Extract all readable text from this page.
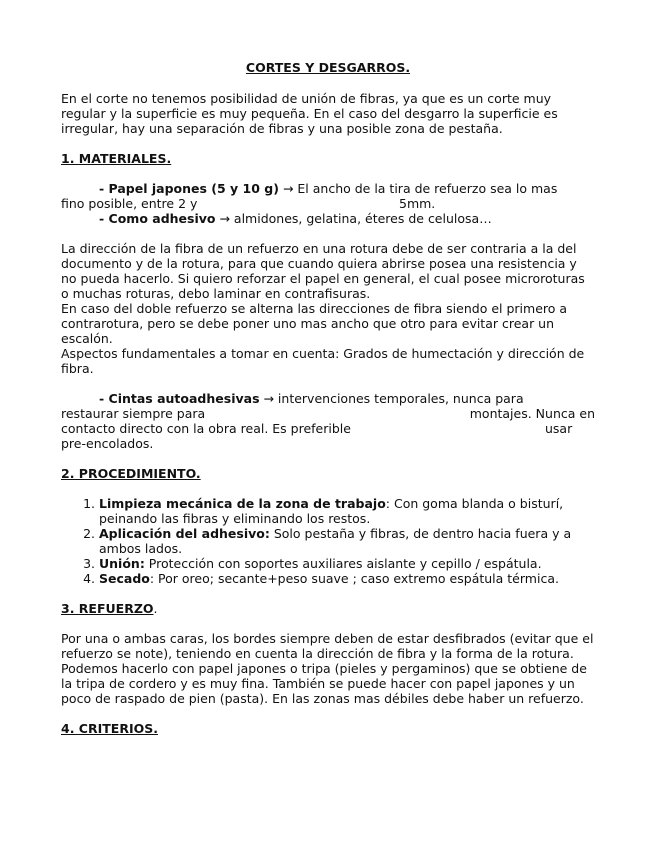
CORTES Y DESGARROS.

En el corte no tenemos posibilidad de unión de fibras, ya que es un corte muy regular y la superficie es muy pequeña. En el caso del desgarro la superficie es irregular, hay una separación de fibras y una posible zona de pestaña.

1. MATERIALES.

- Papel japones (5 y 10 g) → El ancho de la tira de refuerzo sea lo mas

fino posible, entre 2 y	5mm.

- Como adhesivo → almidones, gelatina, éteres de celulosa…

La dirección de la fibra de un refuerzo en una rotura debe de ser contraria a la del documento y de la rotura, para que cuando quiera abrirse posea una resistencia y no pueda hacerlo. Si quiero reforzar el papel en general, el cual posee microroturas o muchas roturas, debo laminar en contrafisuras.

En caso del doble refuerzo se alterna las direcciones de fibra siendo el primero a contrarotura, pero se debe poner uno mas ancho que otro para evitar crear un escalón.

Aspectos fundamentales a tomar en cuenta: Grados de humectación y dirección de fibra.

- Cintas autoadhesivas → intervenciones temporales, nunca para

restaurar siempre para	montajes. Nunca en
contacto directo con la obra real. Es preferible	usar

pre-encolados.

2. PROCEDIMIENTO.

1. Limpieza mecánica de la zona de trabajo: Con goma blanda o bisturí, peinando las fibras y eliminando los restos.
2. Aplicación del adhesivo: Solo pestaña y fibras, de dentro hacia fuera y a ambos lados.
3. Unión: Protección con soportes auxiliares aislante y cepillo / espátula.
4. Secado: Por oreo; secante+peso suave ; caso extremo espátula térmica.

3. REFUERZO.

Por una o ambas caras, los bordes siempre deben de estar desfibrados (evitar que el refuerzo se note), teniendo en cuenta la dirección de fibra y la forma de la rotura.

Podemos hacerlo con papel japones o tripa (pieles y pergaminos) que se obtiene de la tripa de cordero y es muy fina. También se puede hacer con papel japones y un poco de raspado de pien (pasta). En las zonas mas débiles debe haber un refuerzo.

4. CRITERIOS.
